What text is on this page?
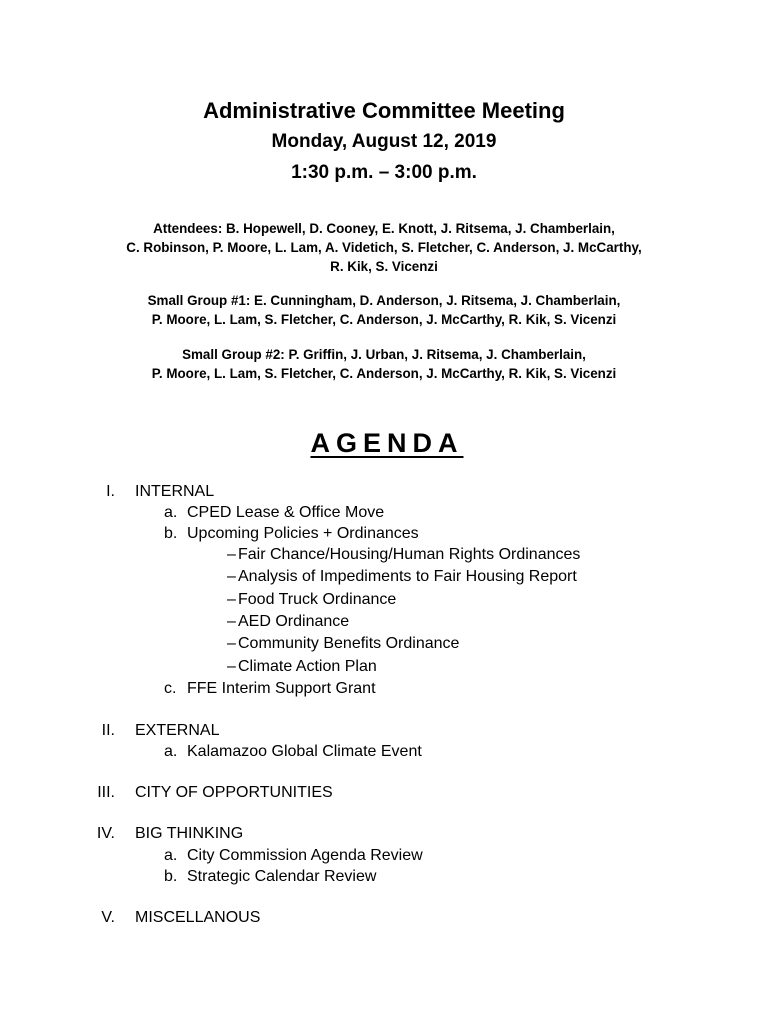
Administrative Committee Meeting
Monday, August 12, 2019
1:30 p.m. – 3:00 p.m.
Attendees: B. Hopewell, D. Cooney, E. Knott, J. Ritsema, J. Chamberlain,
C. Robinson, P. Moore, L. Lam, A. Videtich, S. Fletcher, C. Anderson, J. McCarthy,
R. Kik, S. Vicenzi
Small Group #1: E. Cunningham, D. Anderson, J. Ritsema, J. Chamberlain,
P. Moore, L. Lam, S. Fletcher, C. Anderson, J. McCarthy, R. Kik, S. Vicenzi
Small Group #2: P. Griffin, J. Urban, J. Ritsema, J. Chamberlain,
P. Moore, L. Lam, S. Fletcher, C. Anderson, J. McCarthy, R. Kik, S. Vicenzi
AGENDA
I. INTERNAL
a. CPED Lease & Office Move
b. Upcoming Policies + Ordinances
– Fair Chance/Housing/Human Rights Ordinances
– Analysis of Impediments to Fair Housing Report
– Food Truck Ordinance
– AED Ordinance
– Community Benefits Ordinance
– Climate Action Plan
c. FFE Interim Support Grant
II. EXTERNAL
a. Kalamazoo Global Climate Event
III. CITY OF OPPORTUNITIES
IV. BIG THINKING
a. City Commission Agenda Review
b. Strategic Calendar Review
V. MISCELLANOUS
